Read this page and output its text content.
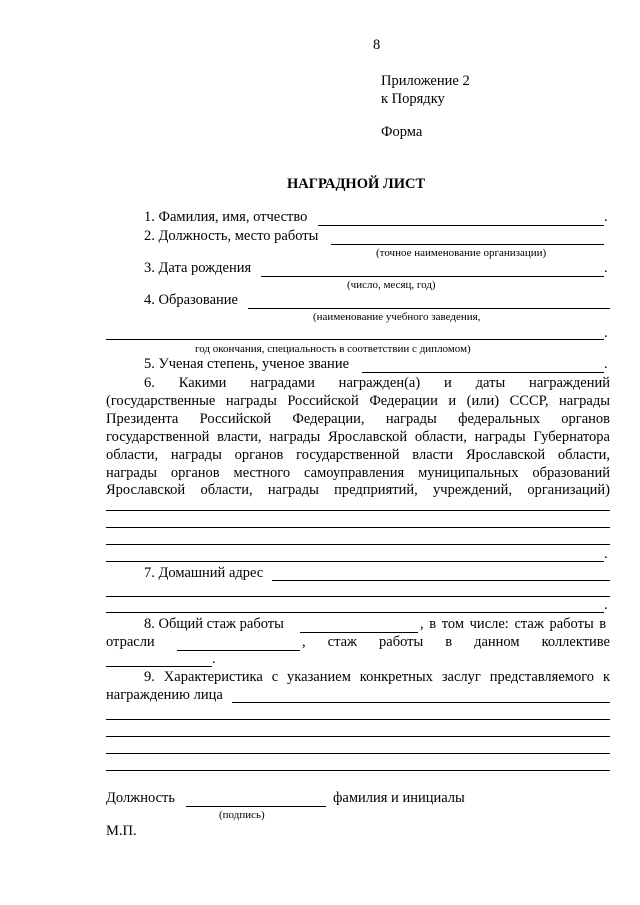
8
Приложение 2
к Порядку
Форма
НАГРАДНОЙ ЛИСТ
1. Фамилия, имя, отчество	.
2. Должность, место работы
(точное наименование организации)
3. Дата рождения	.
(число, месяц, год)
4. Образование
(наименование учебного заведения,
.
год окончания, специальность в соответствии с дипломом)
5. Ученая степень, ученое звание	.
6. Какими наградами награжден(а) и даты награждений
(государственные награды Российской Федерации и (или) СССР, награды
Президента Российской Федерации, награды федеральных органов
государственной власти, награды Ярославской области, награды Губернатора
области, награды органов государственной власти Ярославской области,
награды органов местного самоуправления муниципальных образований
Ярославской области, награды предприятий, учреждений, организаций)
.
7. Домашний адрес
.
8. Общий стаж работы	, в том числе: стаж работы в
отрасли	, стаж работы в данном коллективе
.
9. Характеристика с указанием конкретных заслуг представляемого к
награждению лица
Должность	фамилия и инициалы
(подпись)
М.П.
